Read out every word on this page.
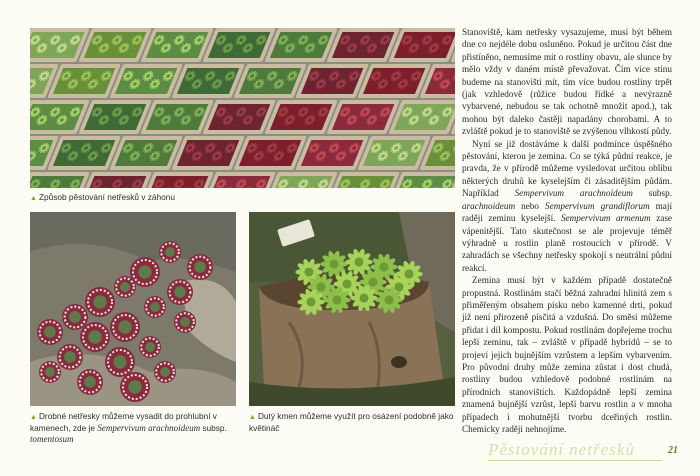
▲ Způsob pěstování netřesků v záhonu
▲ Drobné netřesky můžeme vysadit do prohlubní v kamenech, zde je Sempervivum arachnoideum subsp. tomentosum
▲ Dutý kmen můžeme využít pro osázení podobně jako květináč

Stanoviště, kam netřesky vysazujeme, musí být během dne co nejdéle dobu osluněno. Pokud je určitou část dne přistíněno, nemusíme mít o rostliny obavu, ale slunce by mělo vždy v daném místě převažovat. Čím více stínu budeme na stanovišti mít, tím více budou rostliny trpět (jak vzhledově (růžice budou řídké a nevýrazně vybarvené, nebudou se tak ochotně množit apod.), tak mohou být daleko častěji napadány chorobami. A to zvláště pokud je to stanoviště se zvýšenou vlhkostí půdy.

Nyní se již dostáváme k další podmínce úspěšného pěstování, kterou je zemina. Co se týká půdní reakce, je pravda, že v přírodě můžeme vysledovat určitou oblibu některých druhů ke kyselejším či zásaditějším půdám. Například Sempervivum arachnoideum subsp. arachnoideum nebo Sempervivum grandiflorum mají raději zeminu kyselejší. Sempervivum armenum zase vápenitější. Tato skutečnost se ale projevuje téměř výhradně u rostlin planě rostoucích v přírodě. V zahradách se všechny netřesky spokojí s neutrální půdní reakcí.

Zemina musí být v každém případě dostatečně propustná. Rostlinám stačí běžná zahradní hlinitá zem s přiměřeným obsahem písku nebo kamenné drti, pokud již není přirozeně písčitá a vzdušná. Do směsi můžeme přidat i díl kompostu. Pokud rostlinám dopřejeme trochu lepší zeminu, tak – zvláště v případě hybridů – se to projeví jejich bujnějším vzrůstem a lepším vybarvením. Pro původní druhy může zemina zůstat i dost chudá, rostliny budou vzhledově podobné rostlinám na přírodních stanovištích. Každopádně lepší zemina znamená bujnější vzrůst, lepší barvu rostlin a v mnoha případech i mohutnější tvorbu dceřiných rostlin. Chemicky raději nehnojíme.

Pěstování netřesků	21
